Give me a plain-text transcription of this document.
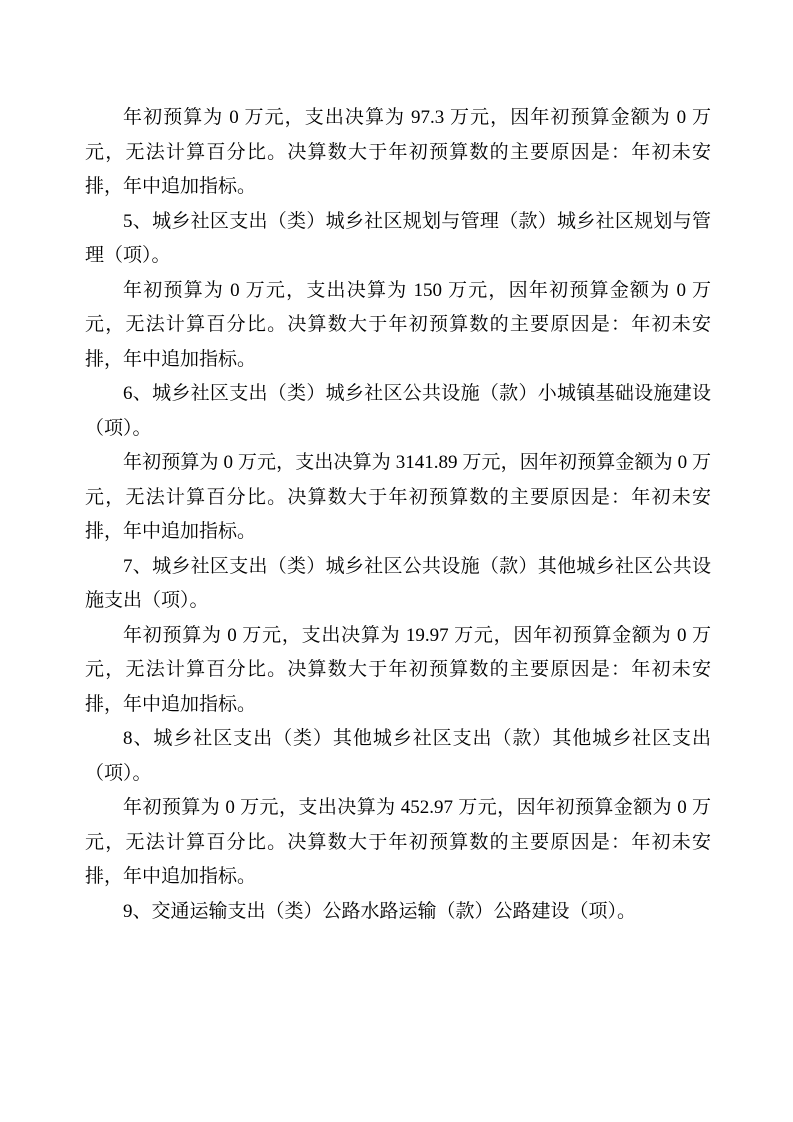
年初预算为 0 万元，支出决算为 97.3 万元，因年初预算金额为 0 万元，无法计算百分比。决算数大于年初预算数的主要原因是：年初未安排，年中追加指标。

5、城乡社区支出（类）城乡社区规划与管理（款）城乡社区规划与管理（项）。

年初预算为 0 万元，支出决算为 150 万元，因年初预算金额为 0 万元，无法计算百分比。决算数大于年初预算数的主要原因是：年初未安排，年中追加指标。

6、城乡社区支出（类）城乡社区公共设施（款）小城镇基础设施建设（项）。

年初预算为 0 万元，支出决算为 3141.89 万元，因年初预算金额为 0 万元，无法计算百分比。决算数大于年初预算数的主要原因是：年初未安排，年中追加指标。

7、城乡社区支出（类）城乡社区公共设施（款）其他城乡社区公共设施支出（项）。

年初预算为 0 万元，支出决算为 19.97 万元，因年初预算金额为 0 万元，无法计算百分比。决算数大于年初预算数的主要原因是：年初未安排，年中追加指标。

8、城乡社区支出（类）其他城乡社区支出（款）其他城乡社区支出（项）。

年初预算为 0 万元，支出决算为 452.97 万元，因年初预算金额为 0 万元，无法计算百分比。决算数大于年初预算数的主要原因是：年初未安排，年中追加指标。

9、交通运输支出（类）公路水路运输（款）公路建设（项）。
